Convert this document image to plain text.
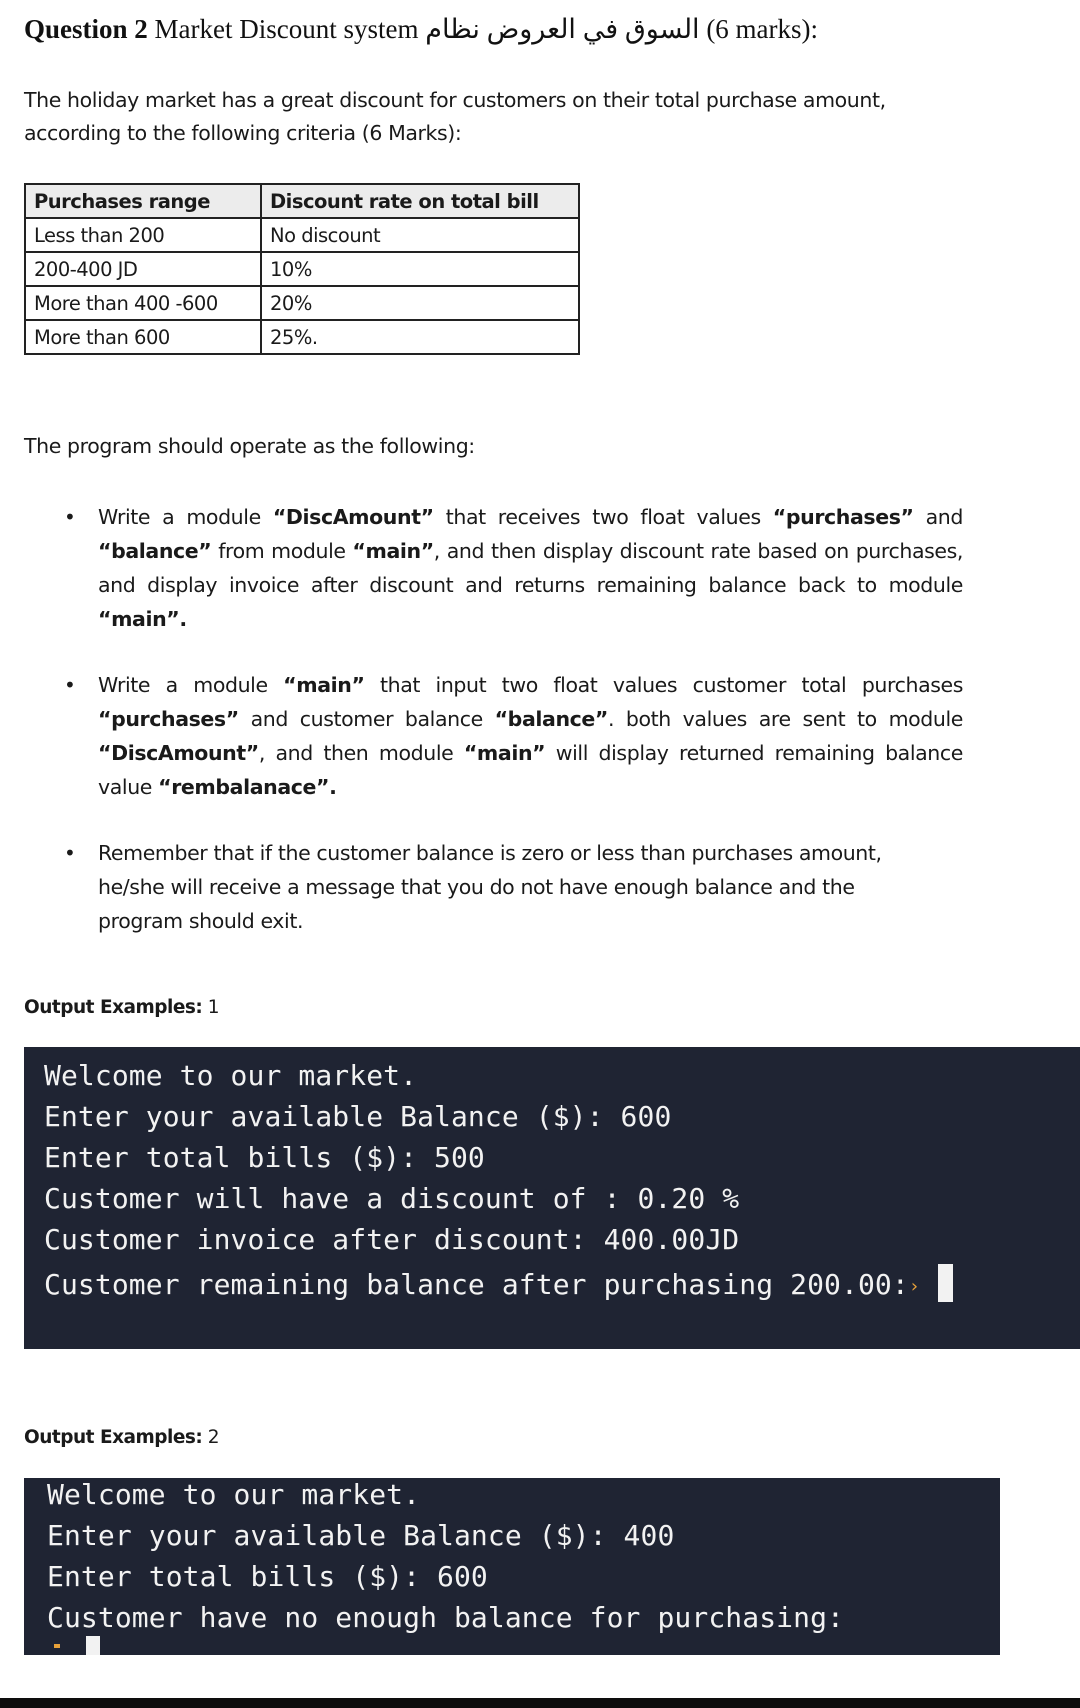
Question 2 Market Discount system السوق في العروض نظام (6 marks):
The holiday market has a great discount for customers on their total purchase amount, according to the following criteria (6 Marks):
Purchases range	Discount rate on total bill
Less than 200	No discount
200-400 JD	10%
More than 400 -600	20%
More than 600	25%.
The program should operate as the following:
• Write a module “DiscAmount” that receives two float values “purchases” and “balance” from module “main”, and then display discount rate based on purchases, and display invoice after discount and returns remaining balance back to module “main”.
• Write a module “main” that input two float values customer total purchases “purchases” and customer balance “balance”. both values are sent to module “DiscAmount”, and then module “main” will display returned remaining balance value “rembalanace”.
• Remember that if the customer balance is zero or less than purchases amount, he/she will receive a message that you do not have enough balance and the program should exit.
Output Examples: 1
Welcome to our market.
Enter your available Balance ($): 600
Enter total bills ($): 500
Customer will have a discount of : 0.20 %
Customer invoice after discount: 400.00JD
Customer remaining balance after purchasing 200.00:›
Output Examples: 2
Welcome to our market.
Enter your available Balance ($): 400
Enter total bills ($): 600
Customer have no enough balance for purchasing:
